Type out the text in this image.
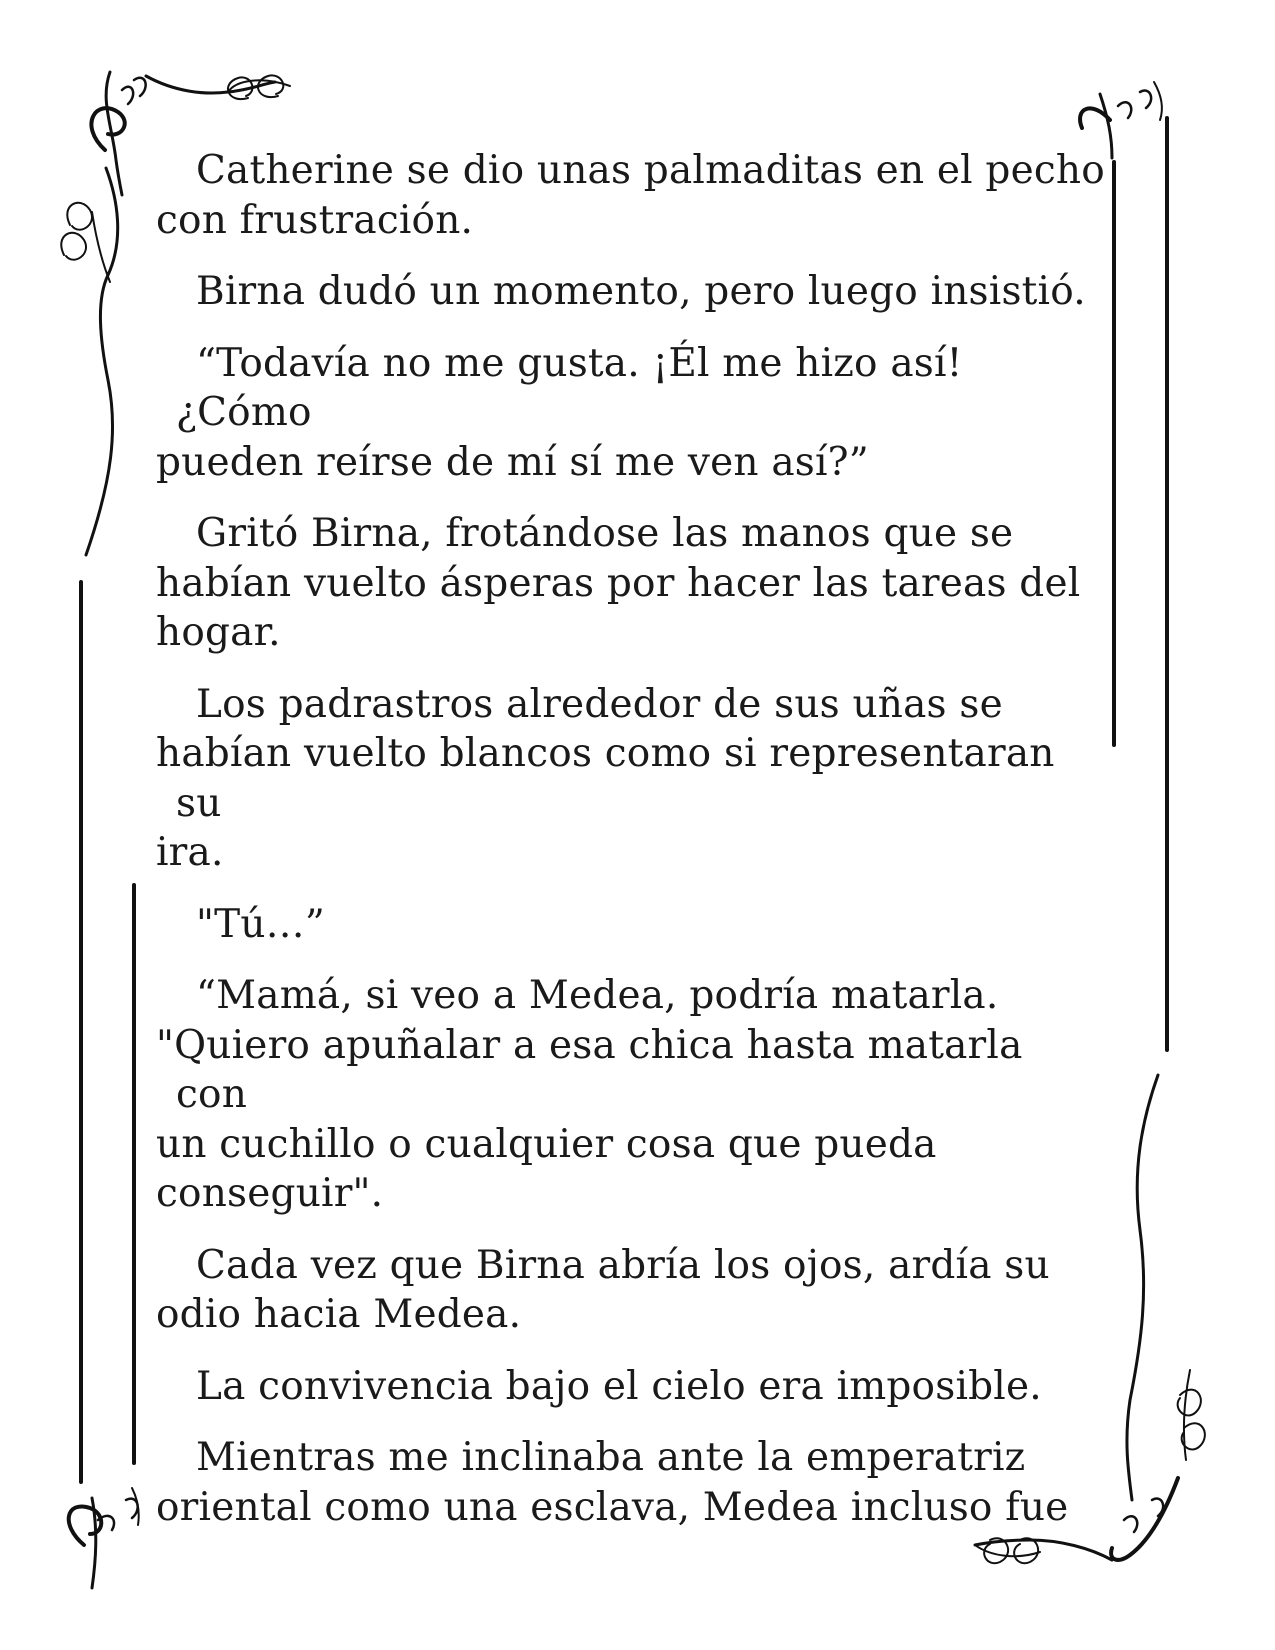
Catherine se dio unas palmaditas en el pecho
con frustración.

Birna dudó un momento, pero luego insistió.

“Todavía no me gusta. ¡Él me hizo así! ¿Cómo
pueden reírse de mí sí me ven así?”

Gritó Birna, frotándose las manos que se
habían vuelto ásperas por hacer las tareas del
hogar.

Los padrastros alrededor de sus uñas se
habían vuelto blancos como si representaran su
ira.

"Tú…”

“Mamá, si veo a Medea, podría matarla.
"Quiero apuñalar a esa chica hasta matarla con
un cuchillo o cualquier cosa que pueda
conseguir".

Cada vez que Birna abría los ojos, ardía su
odio hacia Medea.

La convivencia bajo el cielo era imposible.

Mientras me inclinaba ante la emperatriz
oriental como una esclava, Medea incluso fue
